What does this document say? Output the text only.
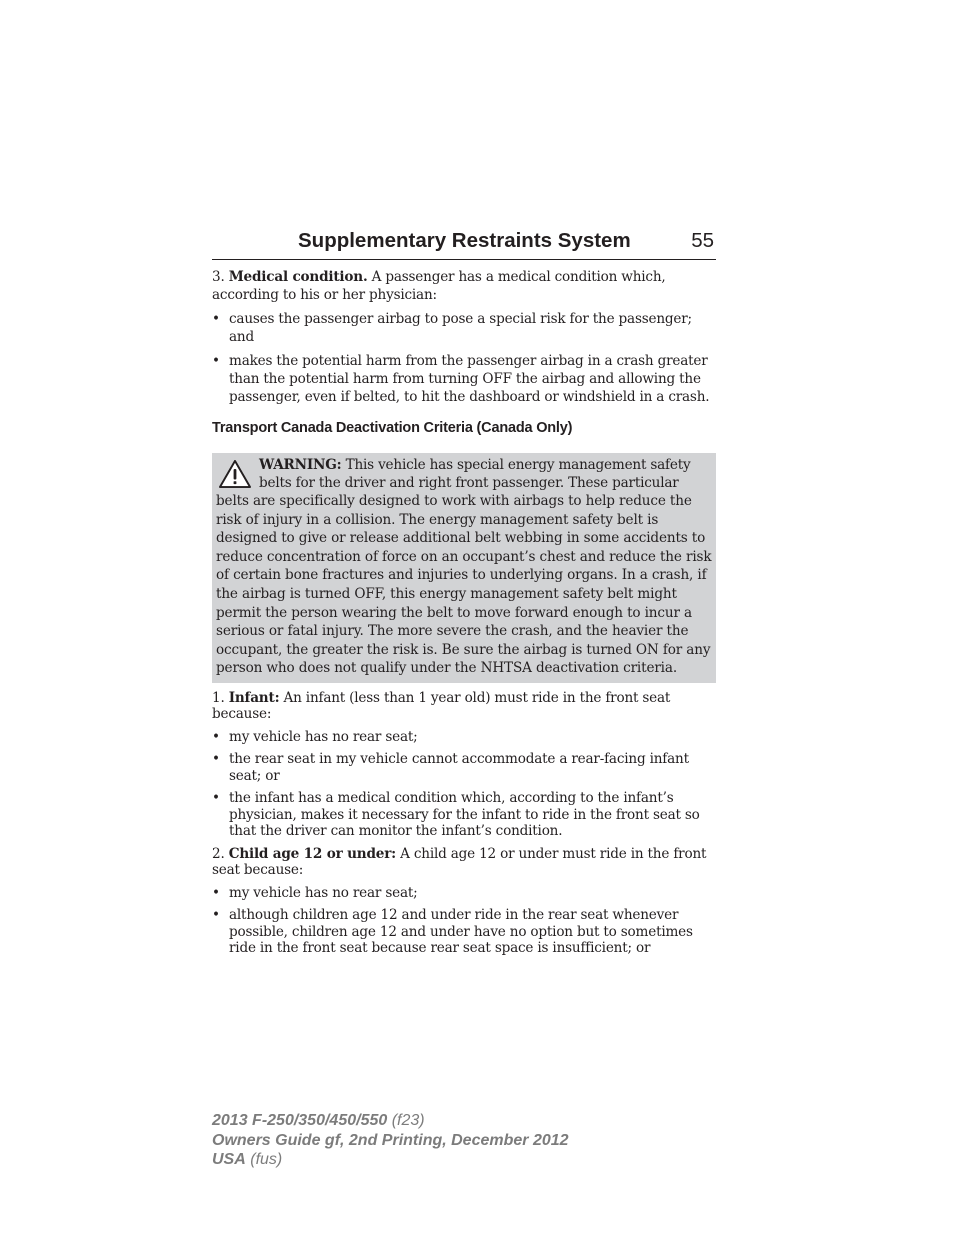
Supplementary Restraints System	55

3. Medical condition. A passenger has a medical condition which, according to his or her physician:

• causes the passenger airbag to pose a special risk for the passenger; and
• makes the potential harm from the passenger airbag in a crash greater than the potential harm from turning OFF the airbag and allowing the passenger, even if belted, to hit the dashboard or windshield in a crash.

Transport Canada Deactivation Criteria (Canada Only)

WARNING: This vehicle has special energy management safety belts for the driver and right front passenger. These particular
belts are specifically designed to work with airbags to help reduce the risk of injury in a collision. The energy management safety belt is designed to give or release additional belt webbing in some accidents to reduce concentration of force on an occupant’s chest and reduce the risk of certain bone fractures and injuries to underlying organs. In a crash, if the airbag is turned OFF, this energy management safety belt might permit the person wearing the belt to move forward enough to incur a serious or fatal injury. The more severe the crash, and the heavier the occupant, the greater the risk is. Be sure the airbag is turned ON for any person who does not qualify under the NHTSA deactivation criteria.

1. Infant: An infant (less than 1 year old) must ride in the front seat because:

• my vehicle has no rear seat;
• the rear seat in my vehicle cannot accommodate a rear-facing infant seat; or
• the infant has a medical condition which, according to the infant’s physician, makes it necessary for the infant to ride in the front seat so that the driver can monitor the infant’s condition.

2. Child age 12 or under: A child age 12 or under must ride in the front seat because:

• my vehicle has no rear seat;
• although children age 12 and under ride in the rear seat whenever possible, children age 12 and under have no option but to sometimes ride in the front seat because rear seat space is insufficient; or
2013 F-250/350/450/550 (f23)
Owners Guide gf, 2nd Printing, December 2012
USA (fus)
